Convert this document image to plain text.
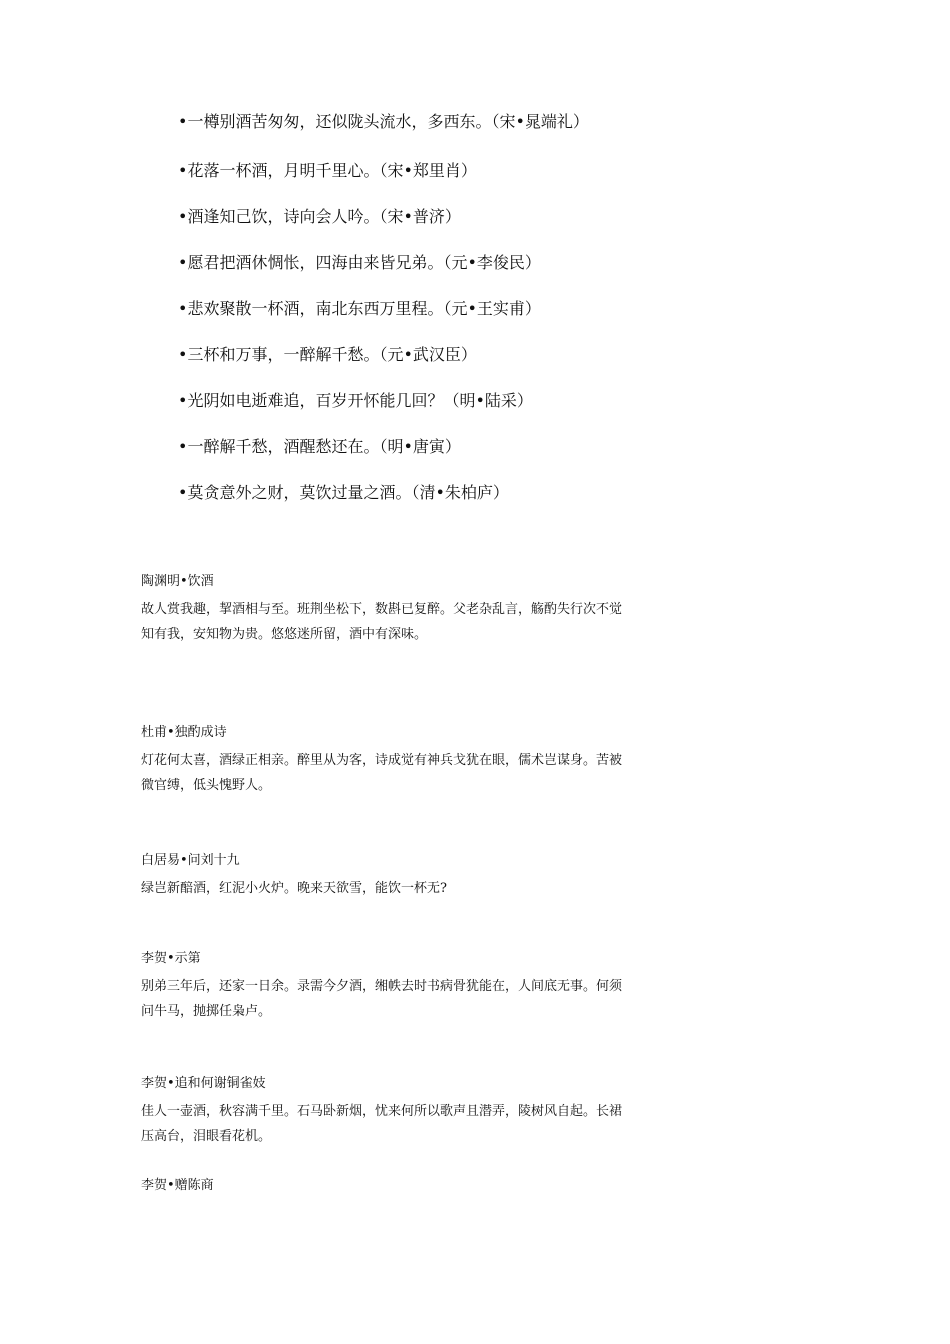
•一樽别酒苦匆匆，还似陇头流水，多西东。（宋•晁端礼）
•花落一杯酒，月明千里心。（宋•郑里肖）
•酒逢知己饮，诗向会人吟。（宋•普济）
•愿君把酒休惆怅，四海由来皆兄弟。（元•李俊民）
•悲欢聚散一杯酒，南北东西万里程。（元•王实甫）
•三杯和万事，一醉解千愁。（元•武汉臣）
•光阴如电逝难追，百岁开怀能几回？（明•陆采）
•一醉解千愁，酒醒愁还在。（明•唐寅）
•莫贪意外之财，莫饮过量之酒。（清•朱柏庐）
陶渊明•饮酒
故人赏我趣，挈酒相与至。班荆坐松下，数斟已复醉。父老杂乱言，觞酌失行次不觉
知有我，安知物为贵。悠悠迷所留，酒中有深味。
杜甫•独酌成诗
灯花何太喜，酒绿正相亲。醉里从为客，诗成觉有神兵戈犹在眼，儒术岂谋身。苦被
微官缚，低头愧野人。
白居易•问刘十九
绿岂新醅酒，红泥小火炉。晚来天欲雪，能饮一杯无?
李贺•示第
别弟三年后，还家一日余。录需今夕酒，缃帙去时书病骨犹能在，人间底无事。何须
问牛马，抛掷任枭卢。
李贺•追和何谢铜雀妓
佳人一壶酒，秋容满千里。石马卧新烟，忧来何所以歌声且潜弄，陵树风自起。长裙
压高台，泪眼看花机。
李贺•赠陈商
